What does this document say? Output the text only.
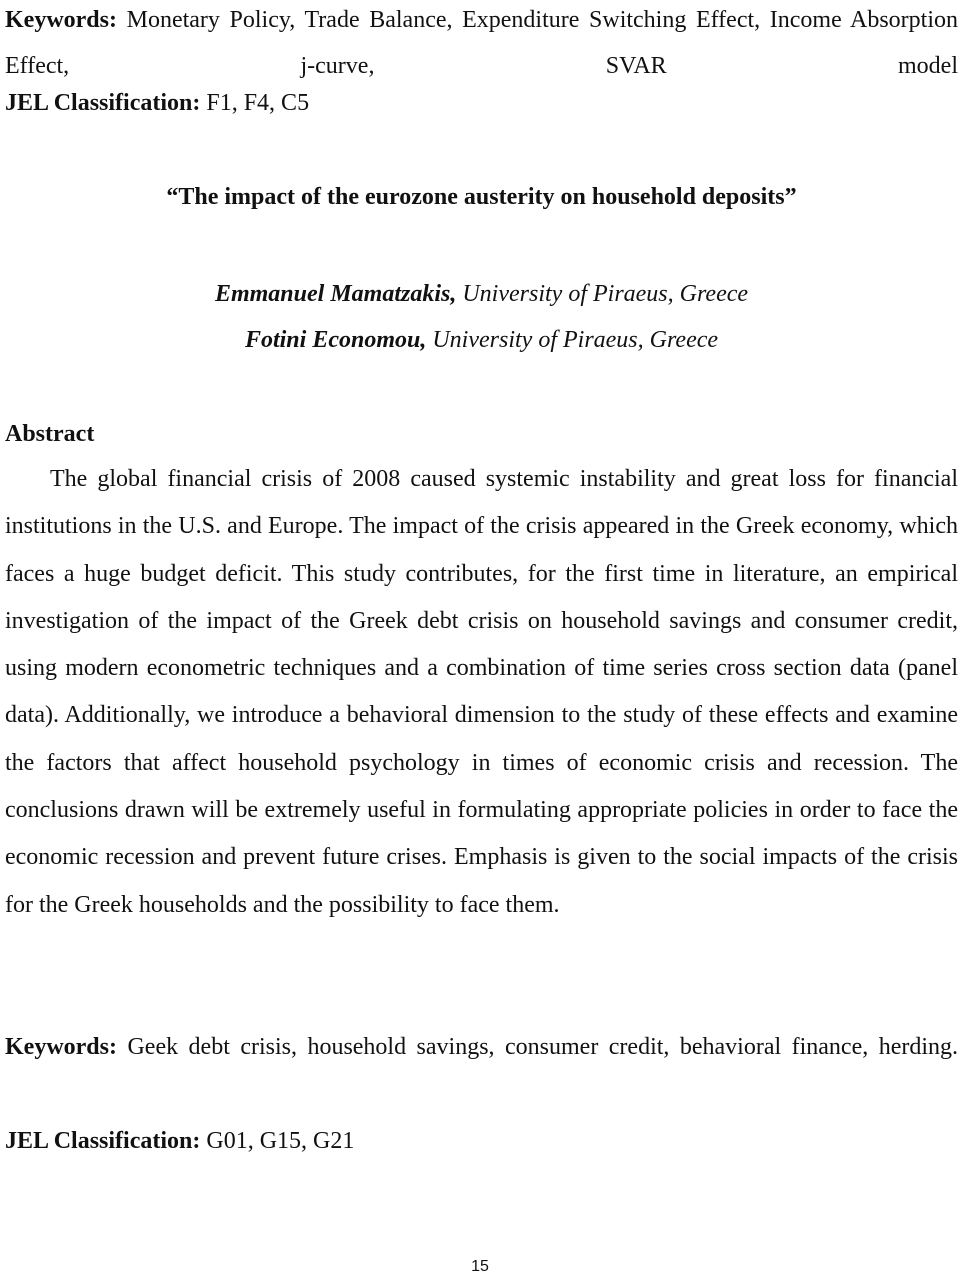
Keywords: Monetary Policy, Trade Balance, Expenditure Switching Effect, Income Absorption Effect, j-curve, SVAR model
JEL Classification: F1, F4, C5
“The impact of the eurozone austerity on household deposits”
Emmanuel Mamatzakis, University of Piraeus, Greece
Fotini Economou, University of Piraeus, Greece
Abstract
The global financial crisis of 2008 caused systemic instability and great loss for financial institutions in the U.S. and Europe. The impact of the crisis appeared in the Greek economy, which faces a huge budget deficit. This study contributes, for the first time in literature, an empirical investigation of the impact of the Greek debt crisis on household savings and consumer credit, using modern econometric techniques and a combination of time series cross section data (panel data). Additionally, we introduce a behavioral dimension to the study of these effects and examine the factors that affect household psychology in times of economic crisis and recession. The conclusions drawn will be extremely useful in formulating appropriate policies in order to face the economic recession and prevent future crises. Emphasis is given to the social impacts of the crisis for the Greek households and the possibility to face them.
Keywords: Geek debt crisis, household savings, consumer credit, behavioral finance, herding.
JEL Classification: G01, G15, G21
15
